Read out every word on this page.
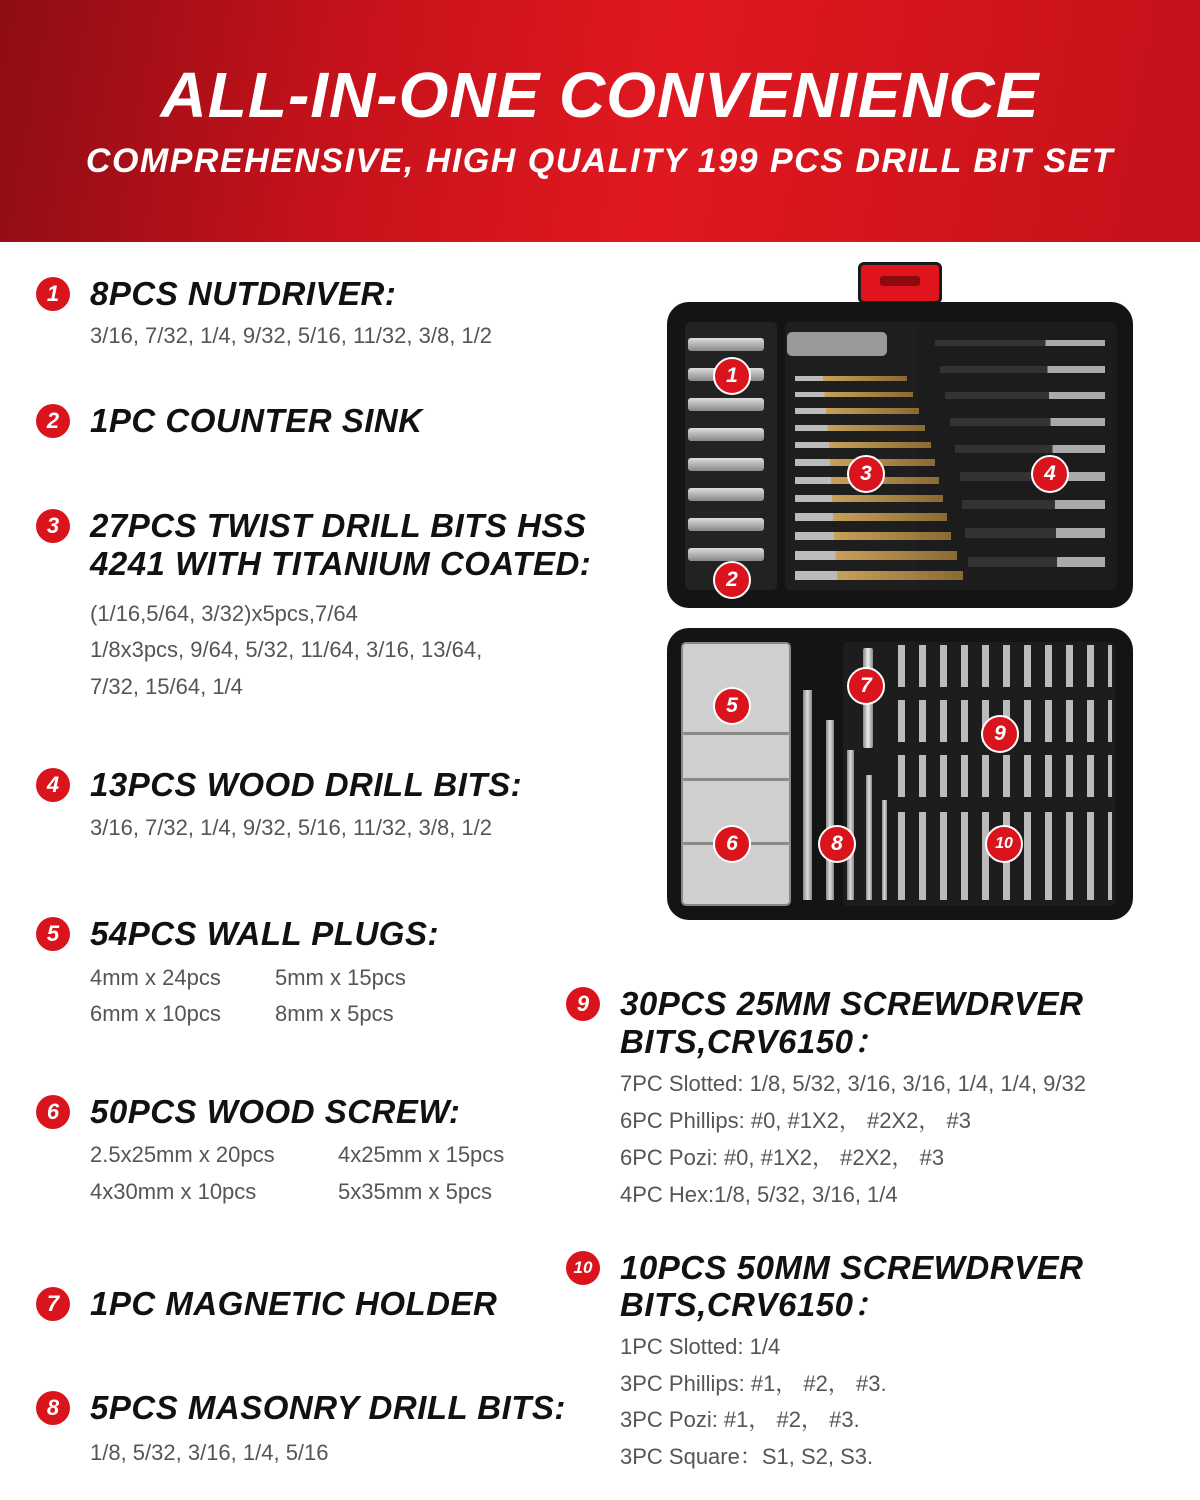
ALL-IN-ONE CONVENIENCE
COMPREHENSIVE, HIGH QUALITY 199 PCS DRILL BIT SET
1 8PCS NUTDRIVER:
3/16, 7/32, 1/4, 9/32, 5/16, 11/32, 3/8, 1/2
2 1PC COUNTER SINK
3 27PCS TWIST DRILL BITS HSS
4241 WITH TITANIUM COATED:
(1/16,5/64, 3/32)x5pcs,7/64
1/8x3pcs, 9/64, 5/32, 11/64, 3/16, 13/64,
7/32, 15/64, 1/4
4 13PCS WOOD DRILL BITS:
3/16, 7/32, 1/4, 9/32, 5/16, 11/32, 3/8, 1/2
5 54PCS WALL PLUGS:
4mm x 24pcs 5mm x 15pcs
6mm x 10pcs 8mm x 5pcs
6 50PCS WOOD SCREW:
2.5x25mm x 20pcs	4x25mm x 15pcs
4x30mm x 10pcs	5x35mm x 5pcs
7 1PC MAGNETIC HOLDER
8 5PCS MASONRY DRILL BITS:
1/8, 5/32, 3/16, 1/4, 5/16
9 30PCS 25MM SCREWDRVER
BITS,CRV6150：
7PC Slotted: 1/8, 5/32, 3/16, 3/16, 1/4, 1/4, 9/32
6PC Phillips: #0, #1X2， #2X2， #3
6PC Pozi: #0, #1X2， #2X2， #3
4PC Hex:1/8, 5/32, 3/16, 1/4
10 10PCS 50MM SCREWDRVER
BITS,CRV6150：
1PC Slotted: 1/4
3PC Phillips: #1， #2， #3.
3PC Pozi: #1， #2， #3.
3PC Square：S1, S2, S3.
1
2
3	4
5
6
7
8
9
10
